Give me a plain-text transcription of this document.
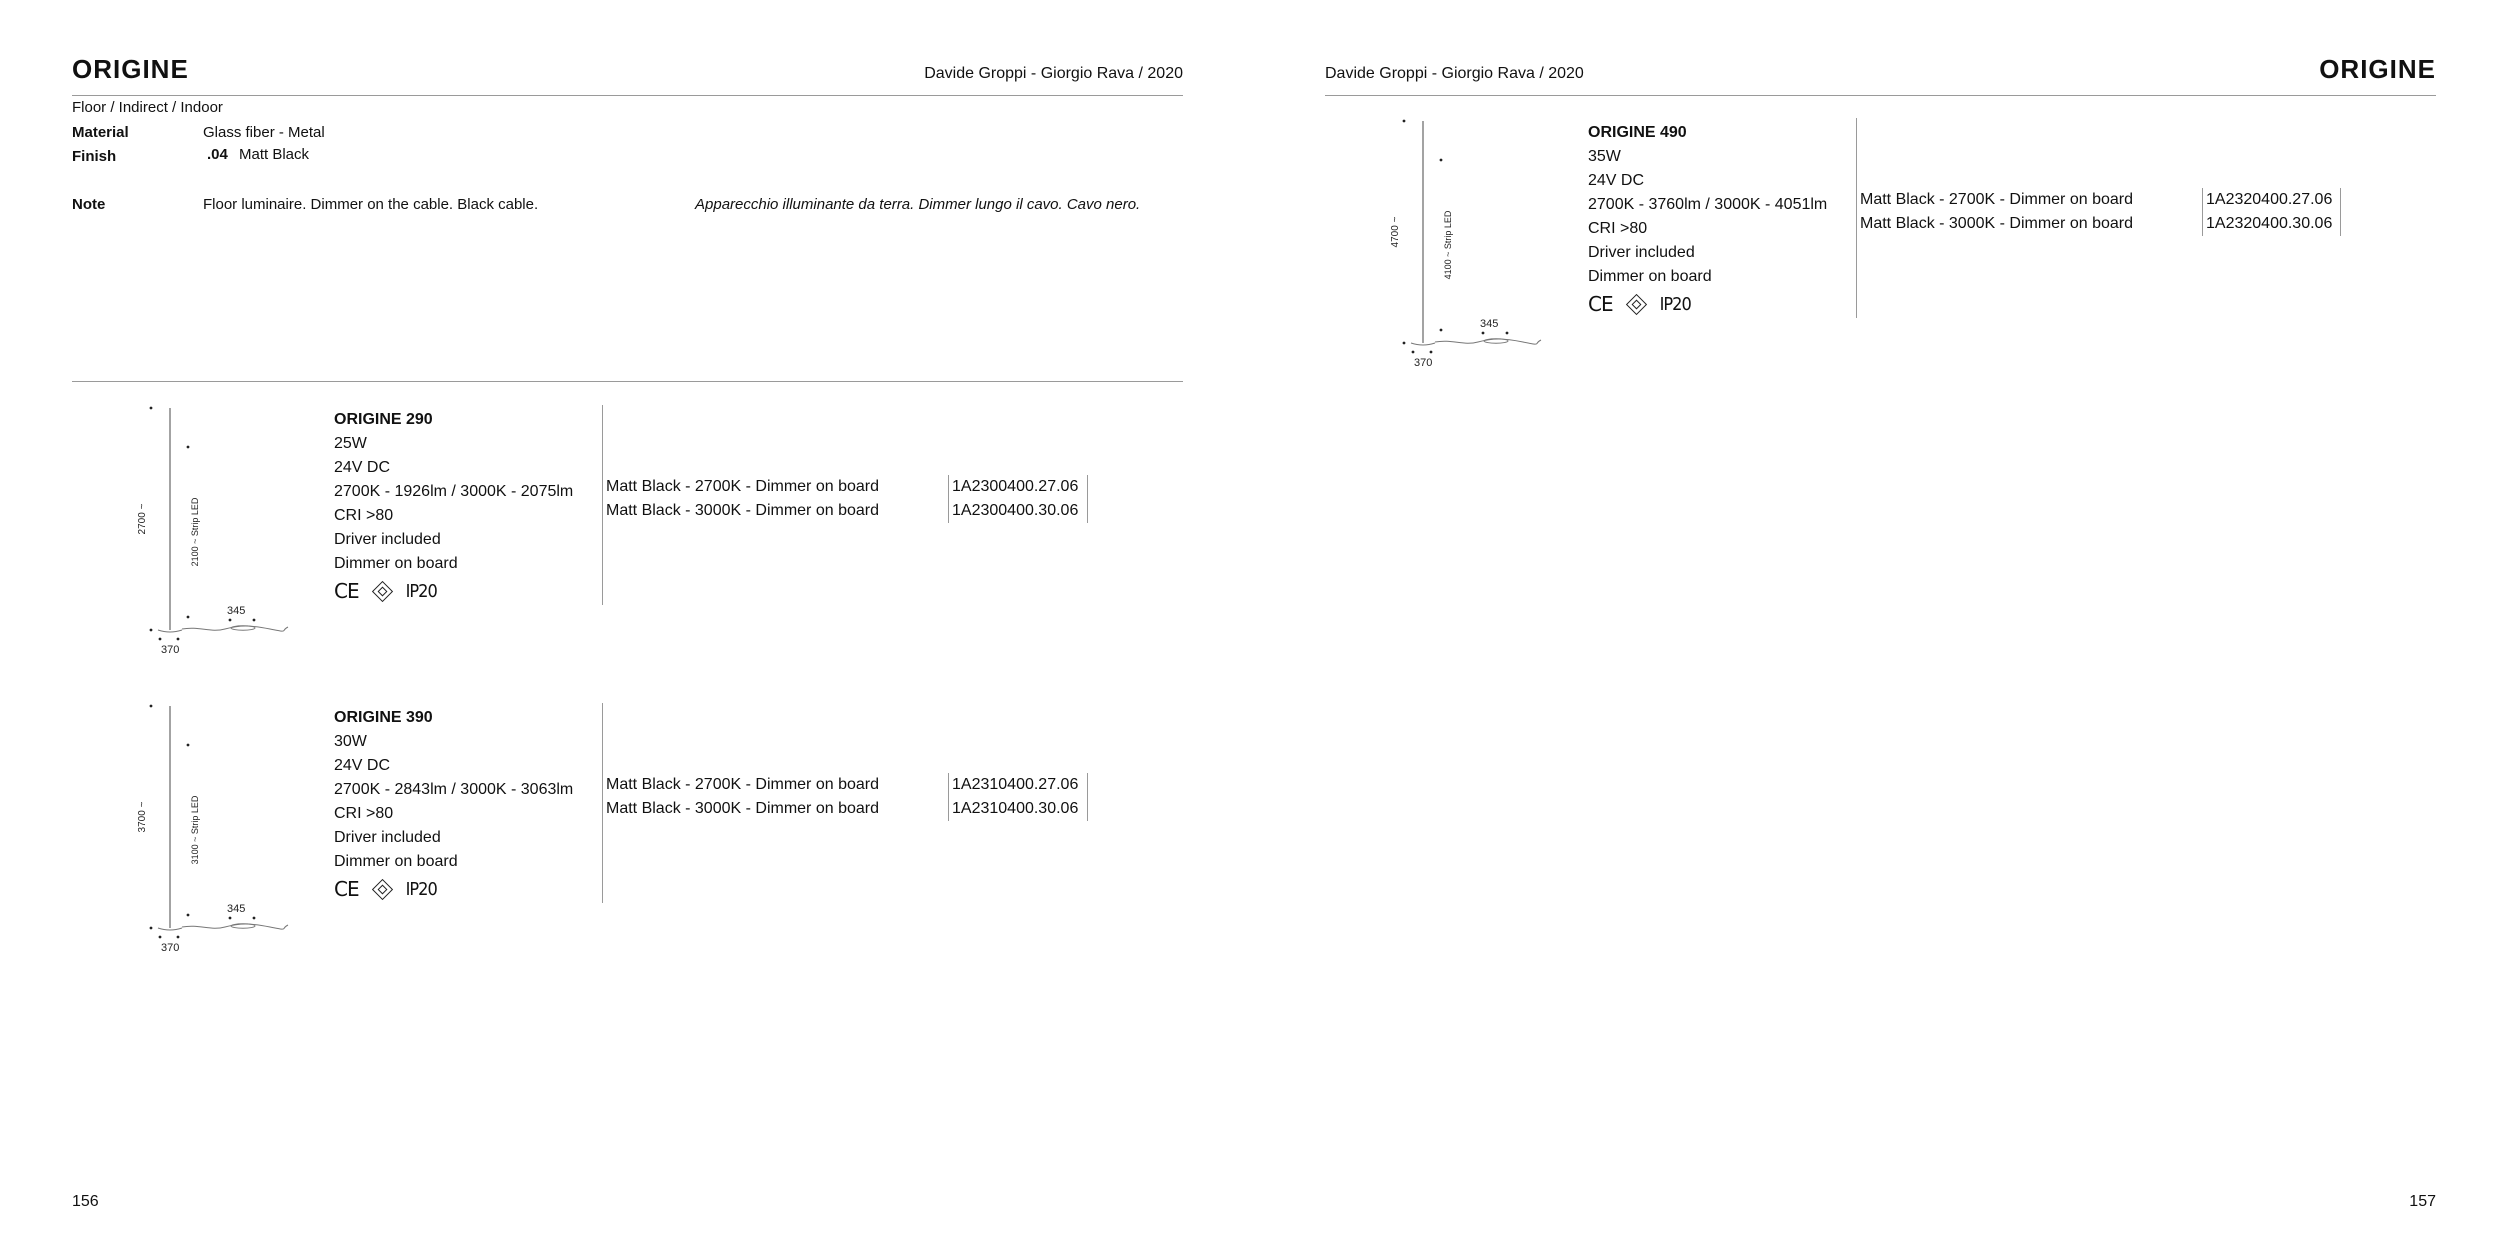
ORIGINE	Davide Groppi - Giorgio Rava / 2020
Floor / Indirect / Indoor
Material	Glass fiber - Metal
Finish	.04 Matt Black
Note	Floor luminaire. Dimmer on the cable. Black cable.	Apparecchio illuminante da terra. Dimmer lungo il cavo. Cavo nero.
2700 ~	2100 ~ Strip LED
370
345
ORIGINE 290
25W
24V DC
2700K - 1926lm / 3000K - 2075lm
CRI >80
Driver included
Dimmer on board
CE	IP20
Matt Black - 2700K - Dimmer on board	1A2300400.27.06
Matt Black - 3000K - Dimmer on board	1A2300400.30.06
3700 ~	3100 ~ Strip LED
370
345
ORIGINE 390
30W
24V DC
2700K - 2843lm / 3000K - 3063lm
CRI >80
Driver included
Dimmer on board
CE	IP20
Matt Black - 2700K - Dimmer on board	1A2310400.27.06
Matt Black - 3000K - Dimmer on board	1A2310400.30.06
4700 ~	4100 ~ Strip LED
370
345
ORIGINE 490
35W
24V DC
2700K - 3760lm / 3000K - 4051lm
CRI >80
Driver included
Dimmer on board
CE	IP20
Matt Black - 2700K - Dimmer on board	1A2320400.27.06
Matt Black - 3000K - Dimmer on board	1A2320400.30.06
156
Davide Groppi - Giorgio Rava / 2020	ORIGINE
157
